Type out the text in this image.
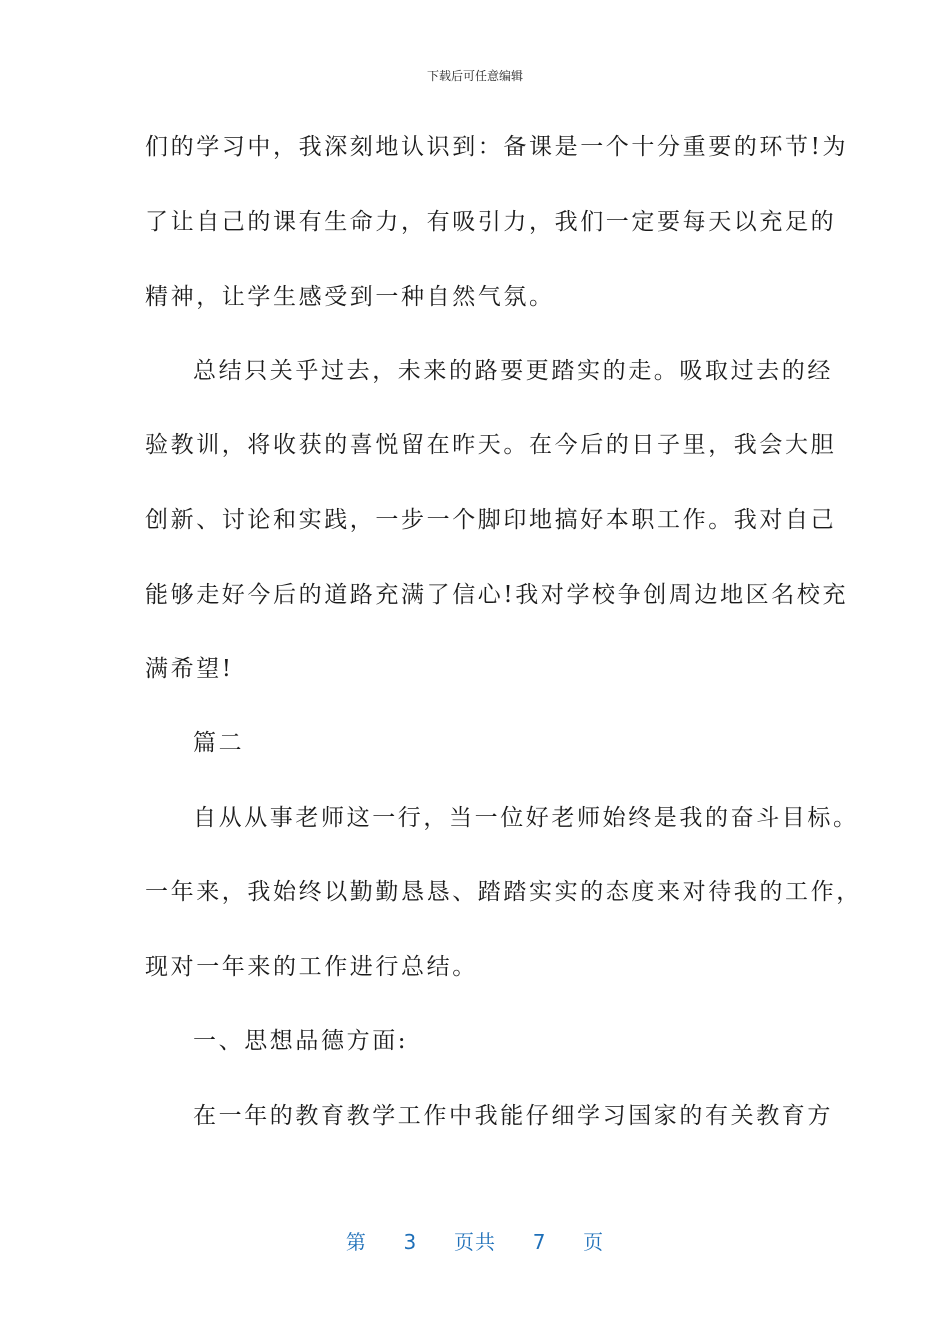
下载后可任意编辑
们的学习中，我深刻地认识到：备课是一个十分重要的环节!为
了让自己的课有生命力，有吸引力，我们一定要每天以充足的
精神，让学生感受到一种自然气氛。
总结只关乎过去，未来的路要更踏实的走。吸取过去的经
验教训，将收获的喜悦留在昨天。在今后的日子里，我会大胆
创新、讨论和实践，一步一个脚印地搞好本职工作。我对自己
能够走好今后的道路充满了信心!我对学校争创周边地区名校充
满希望!
篇二
自从从事老师这一行，当一位好老师始终是我的奋斗目标。
一年来，我始终以勤勤恳恳、踏踏实实的态度来对待我的工作，
现对一年来的工作进行总结。
一、思想品德方面:
在一年的教育教学工作中我能仔细学习国家的有关教育方
第 3 页共 7 页
